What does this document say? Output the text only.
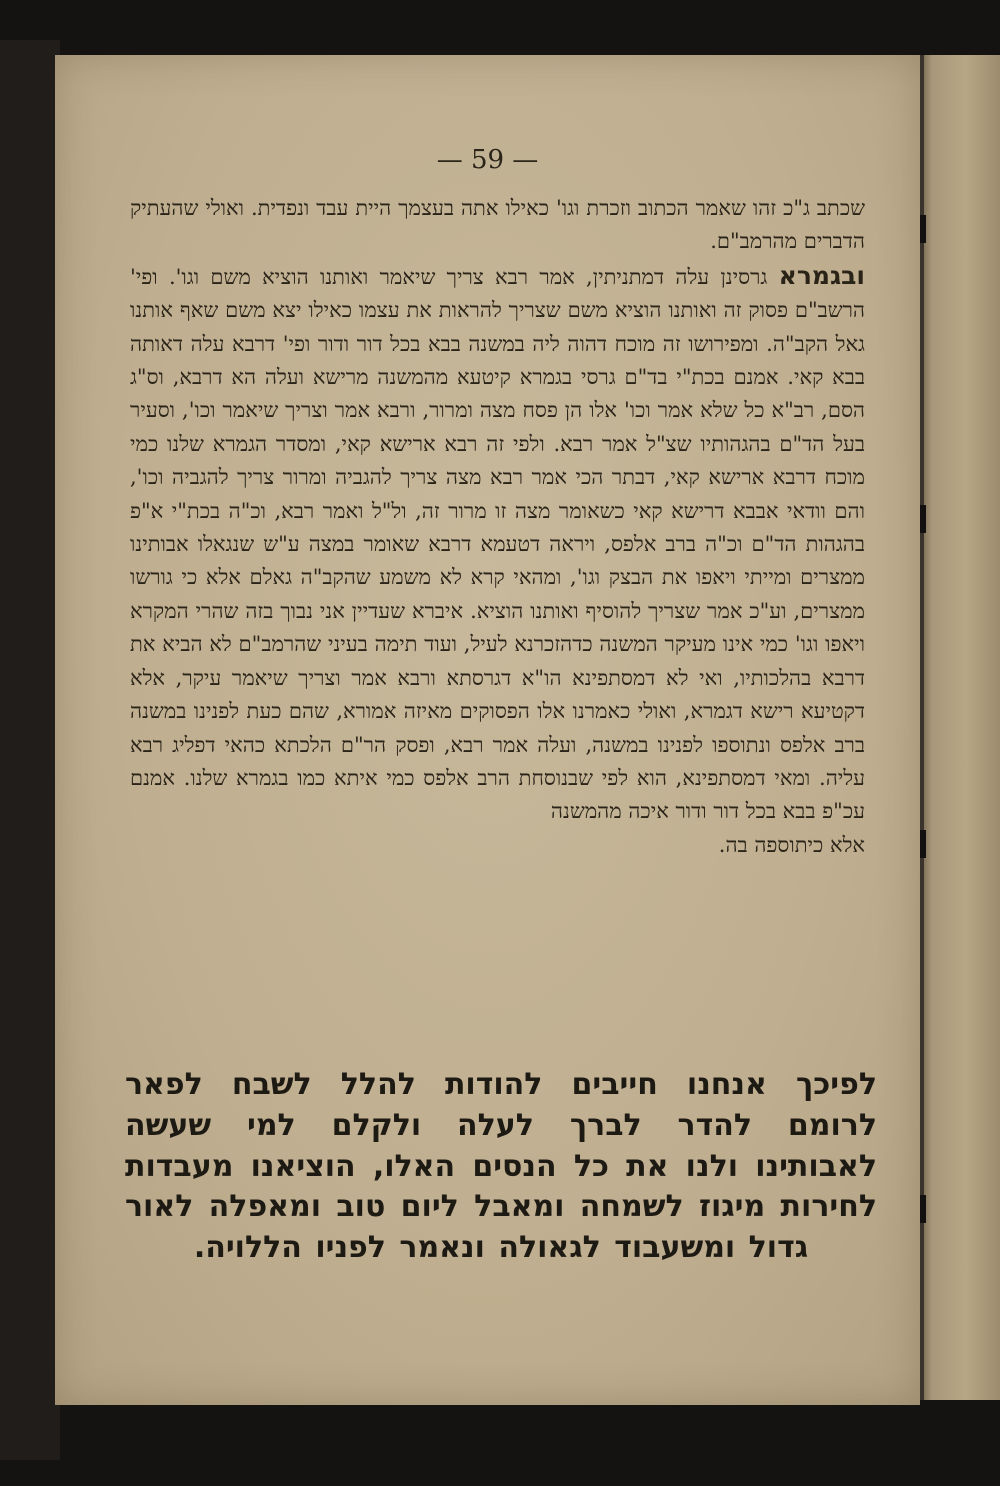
— 59 —
שכתב ג"כ זהו שאמר הכתוב וזכרת וגו' כאילו אתה בעצמך היית עבד ונפדית. ואולי שהעתיק הדברים מהרמב"ם.
ובגמרא גרסינן עלה דמתניתין, אמר רבא צריך שיאמר ואותנו הוציא משם וגו'. ופי' הרשב"ם פסוק זה ואותנו הוציא משם שצריך להראות את עצמו כאילו יצא משם שאף אותנו גאל הקב"ה. ומפירושו זה מוכח דהוה ליה במשנה בבא בכל דור ודור ופי' דרבא עלה דאותה בבא קאי. אמנם בכת"י בד"ם גרסי בגמרא קיטעא מהמשנה מרישא ועלה הא דרבא, וס"ג הסם, רב"א כל שלא אמר וכו' אלו הן פסח מצה ומרור, ורבא אמר וצריך שיאמר וכו', וסעיר בעל הד"ם בהגהותיו שצ"ל אמר רבא. ולפי זה רבא ארישא קאי, ומסדר הגמרא שלנו כמי מוכח דרבא ארישא קאי, דבתר הכי אמר רבא מצה צריך להגביה ומרור צריך להגביה וכו', והם וודאי אבבא דרישא קאי כשאומר מצה זו מרור זה, ול"ל ואמר רבא, וכ"ה בכת"י א"פ בהגהות הד"ם וכ"ה ברב אלפס, ויראה דטעמא דרבא שאומר במצה ע"ש שנגאלו אבותינו ממצרים ומייתי ויאפו את הבצק וגו', ומהאי קרא לא משמע שהקב"ה גאלם אלא כי גורשו ממצרים, וע"כ אמר שצריך להוסיף ואותנו הוציא. איברא שעדיין אני נבוך בזה שהרי המקרא ויאפו וגו' כמי אינו מעיקר המשנה כדהזכרנא לעיל, ועוד תימה בעיני שהרמב"ם לא הביא את דרבא בהלכותיו, ואי לא דמסתפינא הו"א דגרסתא ורבא אמר וצריך שיאמר עיקר, אלא דקטיעא רישא דגמרא, ואולי כאמרנו אלו הפסוקים מאיזה אמורא, שהם כעת לפנינו במשנה ברב אלפס ונתוספו לפנינו במשנה, ועלה אמר רבא, ופסק הר"ם הלכתא כהאי דפליג רבא עליה. ומאי דמסתפינא, הוא לפי שבנוסחת הרב אלפס כמי איתא כמו בגמרא שלנו. אמנם עכ"פ בבא בכל דור ודור איכה מהמשנה
אלא כיתוספה בה.
לפיכך אנחנו חייבים להודות להלל לשבח לפאר לרומם להדר לברך לעלה ולקלם למי שעשה לאבותינו ולנו את כל הנסים האלו, הוציאנו מעבדות לחירות מיגוז לשמחה ומאבל ליום טוב ומאפלה לאור גדול ומשעבוד לגאולה ונאמר לפניו הללויה.
